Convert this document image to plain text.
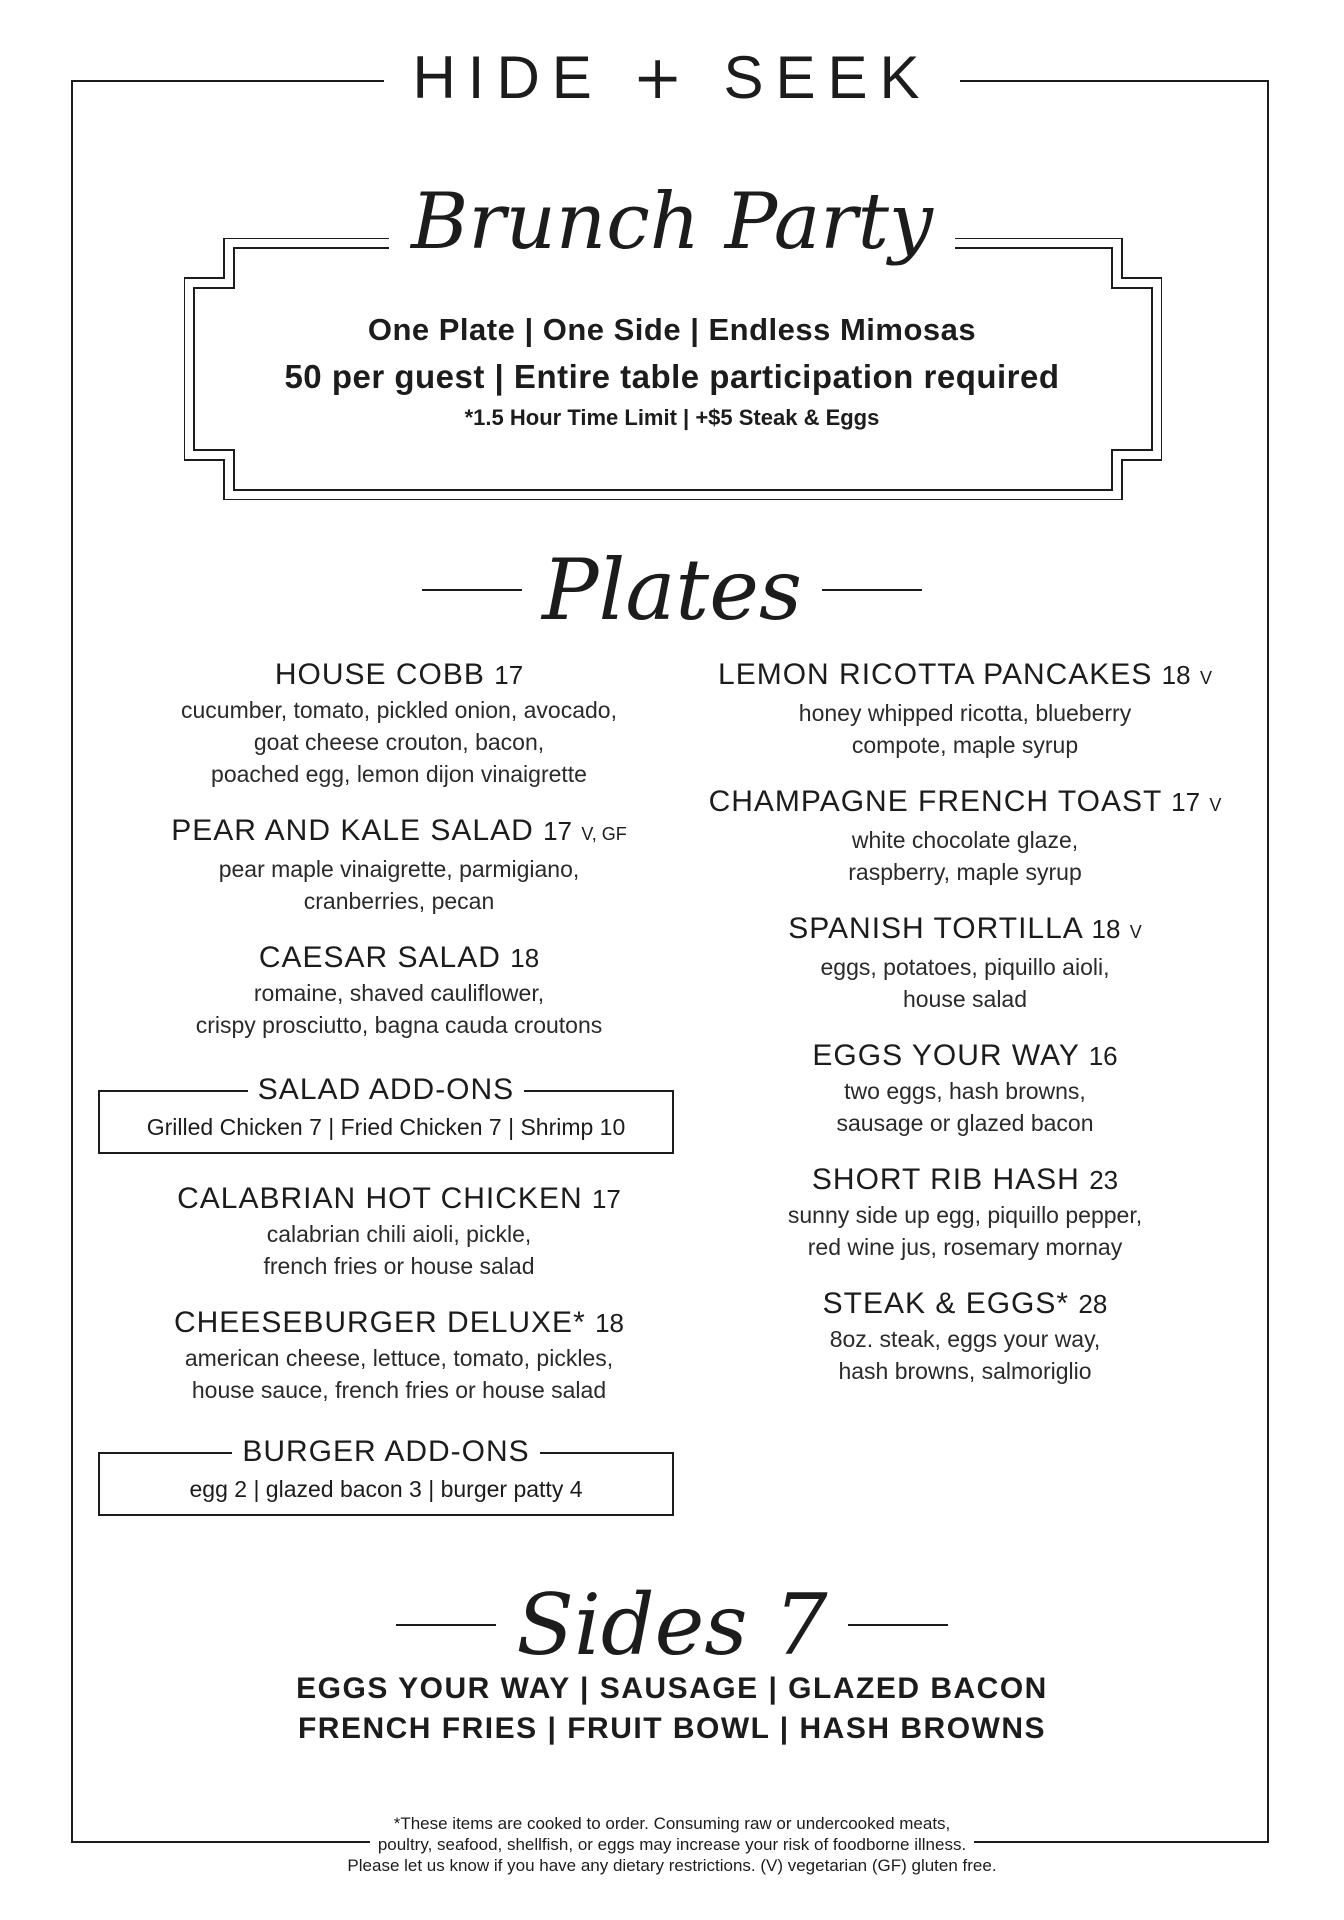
HIDE + SEEK
Brunch Party
One Plate | One Side | Endless Mimosas
50 per guest | Entire table participation required
*1.5 Hour Time Limit | +$5 Steak & Eggs
Plates
HOUSE COBB 17
cucumber, tomato, pickled onion, avocado,
goat cheese crouton, bacon,
poached egg, lemon dijon vinaigrette
PEAR AND KALE SALAD 17 V, GF
pear maple vinaigrette, parmigiano,
cranberries, pecan
CAESAR SALAD 18
romaine, shaved cauliflower,
crispy prosciutto, bagna cauda croutons
SALAD ADD-ONS
Grilled Chicken 7 | Fried Chicken 7 | Shrimp 10
CALABRIAN HOT CHICKEN 17
calabrian chili aioli, pickle,
french fries or house salad
CHEESEBURGER DELUXE* 18
american cheese, lettuce, tomato, pickles,
house sauce, french fries or house salad
BURGER ADD-ONS
egg 2 | glazed bacon 3 | burger patty 4
LEMON RICOTTA PANCAKES 18 V
honey whipped ricotta, blueberry
compote, maple syrup
CHAMPAGNE FRENCH TOAST 17 V
white chocolate glaze,
raspberry, maple syrup
SPANISH TORTILLA 18 V
eggs, potatoes, piquillo aioli,
house salad
EGGS YOUR WAY 16
two eggs, hash browns,
sausage or glazed bacon
SHORT RIB HASH 23
sunny side up egg, piquillo pepper,
red wine jus, rosemary mornay
STEAK & EGGS* 28
8oz. steak, eggs your way,
hash browns, salmoriglio
Sides 7
EGGS YOUR WAY | SAUSAGE | GLAZED BACON
FRENCH FRIES | FRUIT BOWL | HASH BROWNS
*These items are cooked to order. Consuming raw or undercooked meats,
poultry, seafood, shellfish, or eggs may increase your risk of foodborne illness.
Please let us know if you have any dietary restrictions. (V) vegetarian (GF) gluten free.
